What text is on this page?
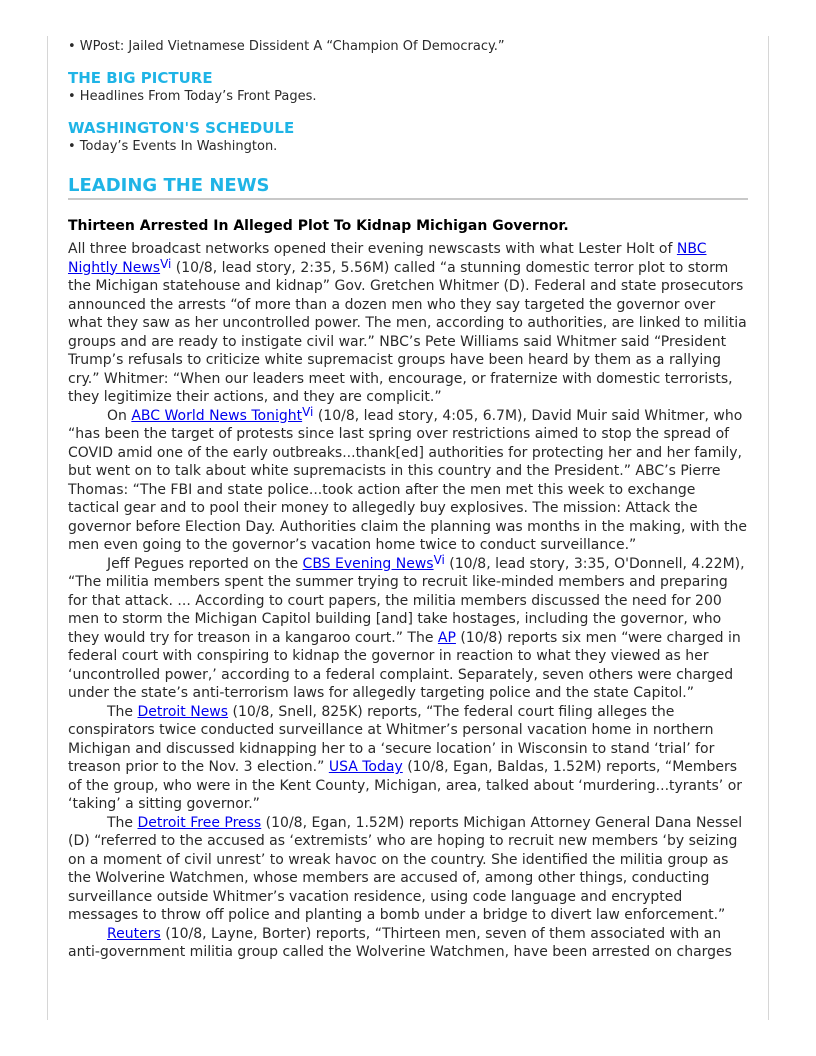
• WPost: Jailed Vietnamese Dissident A “Champion Of Democracy.”

THE BIG PICTURE

• Headlines From Today’s Front Pages.

WASHINGTON'S SCHEDULE

• Today’s Events In Washington.

LEADING THE NEWS
Thirteen Arrested In Alleged Plot To Kidnap Michigan Governor.

All three broadcast networks opened their evening newscasts with what Lester Holt of NBC Nightly News$^{Vi}$ (10/8, lead story, 2:35, 5.56M) called “a stunning domestic terror plot to storm the Michigan statehouse and kidnap” Gov. Gretchen Whitmer (D). Federal and state prosecutors announced the arrests “of more than a dozen men who they say targeted the governor over what they saw as her uncontrolled power. The men, according to authorities, are linked to militia groups and are ready to instigate civil war.” NBC’s Pete Williams said Whitmer said “President Trump’s refusals to criticize white supremacist groups have been heard by them as a rallying cry.” Whitmer: “When our leaders meet with, encourage, or fraternize with domestic terrorists, they legitimize their actions, and they are complicit.”

On ABC World News Tonight$^{Vi}$ (10/8, lead story, 4:05, 6.7M), David Muir said Whitmer, who “has been the target of protests since last spring over restrictions aimed to stop the spread of COVID amid one of the early outbreaks...thank[ed] authorities for protecting her and her family, but went on to talk about white supremacists in this country and the President.” ABC’s Pierre Thomas: “The FBI and state police...took action after the men met this week to exchange tactical gear and to pool their money to allegedly buy explosives. The mission: Attack the governor before Election Day. Authorities claim the planning was months in the making, with the men even going to the governor’s vacation home twice to conduct surveillance.”

Jeff Pegues reported on the CBS Evening News$^{Vi}$ (10/8, lead story, 3:35, O'Donnell, 4.22M), “The militia members spent the summer trying to recruit like-minded members and preparing for that attack. ... According to court papers, the militia members discussed the need for 200 men to storm the Michigan Capitol building [and] take hostages, including the governor, who they would try for treason in a kangaroo court.” The AP (10/8) reports six men “were charged in federal court with conspiring to kidnap the governor in reaction to what they viewed as her ‘uncontrolled power,’ according to a federal complaint. Separately, seven others were charged under the state’s anti-terrorism laws for allegedly targeting police and the state Capitol.”

The Detroit News (10/8, Snell, 825K) reports, “The federal court filing alleges the conspirators twice conducted surveillance at Whitmer’s personal vacation home in northern Michigan and discussed kidnapping her to a ‘secure location’ in Wisconsin to stand ‘trial’ for treason prior to the Nov. 3 election.” USA Today (10/8, Egan, Baldas, 1.52M) reports, “Members of the group, who were in the Kent County, Michigan, area, talked about ‘murdering...tyrants’ or ‘taking’ a sitting governor.”

The Detroit Free Press (10/8, Egan, 1.52M) reports Michigan Attorney General Dana Nessel (D) “referred to the accused as ‘extremists’ who are hoping to recruit new members ‘by seizing on a moment of civil unrest’ to wreak havoc on the country. She identified the militia group as the Wolverine Watchmen, whose members are accused of, among other things, conducting surveillance outside Whitmer’s vacation residence, using code language and encrypted messages to throw off police and planting a bomb under a bridge to divert law enforcement.”

Reuters (10/8, Layne, Borter) reports, “Thirteen men, seven of them associated with an anti-government militia group called the Wolverine Watchmen, have been arrested on charges
